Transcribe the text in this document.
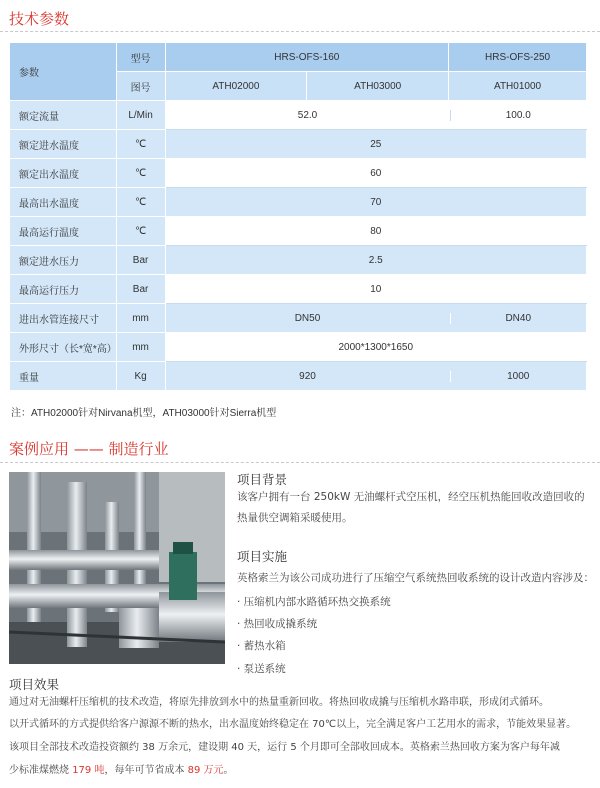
技术参数
参数	型号	HRS-OFS-160		HRS-OFS-250
	图号	ATH02000	ATH03000	ATH01000
额定流量	L/Min	52.0 100.0		

额定进水温度	℃	25		
额定出水温度	℃	60		
最高出水温度	℃	70		
最高运行温度	℃	80		
额定进水压力	Bar	2.5		
最高运行压力	Bar	10		
进出水管连接尺寸	mm	DN50 DN40		

外形尺寸（长*宽*高）	mm	2000*1300*1650		
重量	Kg	920 1000		
注：ATH02000针对Nirvana机型，ATH03000针对Sierra机型
案例应用 —— 制造行业
项目背景
该客户拥有一台 250kW 无油螺杆式空压机，经空压机热能回收改造回收的
热量供空调箱采暖使用。
项目实施
英格索兰为该公司成功进行了压缩空气系统热回收系统的设计改造内容涉及：
· 压缩机内部水路循环热交换系统
· 热回收成撬系统
· 蓄热水箱
· 泵送系统
项目效果
通过对无油螺杆压缩机的技术改造，将原先排放到水中的热量重新回收。将热回收成撬与压缩机水路串联，形成闭式循环。
以开式循环的方式提供给客户源源不断的热水，出水温度始终稳定在 70℃以上，完全满足客户工艺用水的需求，节能效果显著。
该项目全部技术改造投资额约 38 万余元，建设期 40 天，运行 5 个月即可全部收回成本。英格索兰热回收方案为客户每年减
少标准煤燃烧 179 吨，每年可节省成本 89 万元。
